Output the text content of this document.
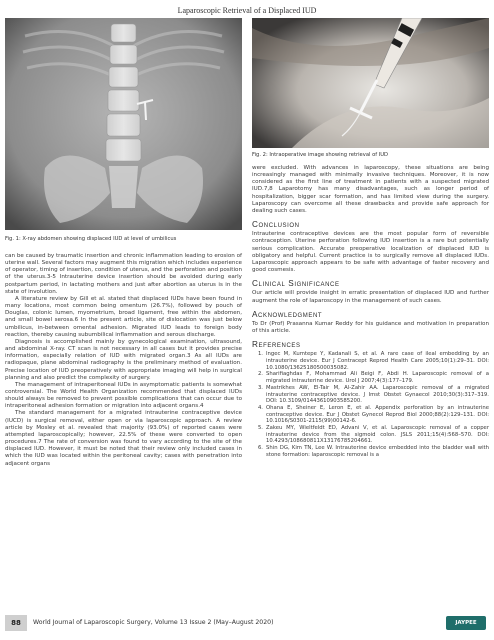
Laparoscopic Retrieval of a Displaced IUD
Fig. 1: X-ray abdomen showing displaced IUD at level of umbilicus
Fig. 2: Intraoperative image showing retrieval of IUD

can be caused by traumatic insertion and chronic inflammation leading to erosion of uterine wall. Several factors may augment this migration which includes experience of operator, timing of insertion, condition of uterus, and the perforation and position of the uterus.3-5 Intrauterine device insertion should be avoided during early postpartum period, in lactating mothers and just after abortion as uterus is in the state of involution.

A literature review by Gill et al. stated that displaced IUDs have been found in many locations, most common being omentum (26.7%), followed by pouch of Douglas, colonic lumen, myometrium, broad ligament, free within the abdomen, and small bowel serosa.6 In the present article, site of dislocation was just below umbilicus, in-between omental adhesion. Migrated IUD leads to foreign body reaction, thereby causing subumbilical inflammation and serous discharge.

Diagnosis is accomplished mainly by gynecological examination, ultrasound, and abdominal X-ray. CT scan is not necessary in all cases but it provides precise information, especially relation of IUD with migrated organ.3 As all IUDs are radiopaque, plane abdominal radiography is the preliminary method of evaluation. Precise location of IUD preoperatively with appropriate imaging will help in surgical planning and also predict the complexity of surgery.

The management of intraperitoneal IUDs in asymptomatic patients is somewhat controversial. The World Health Organization recommended that displaced IUDs should always be removed to prevent possible complications that can occur due to intraperitoneal adhesion formation or migration into adjacent organs.4

The standard management for a migrated intrauterine contraceptive device (IUCD) is surgical removal, either open or via laparoscopic approach. A review article by Mosley et al. revealed that majority (93.0%) of reported cases were attempted laparoscopically; however, 22.5% of these were converted to open procedures.7 The rate of conversion was found to vary according to the site of the displaced IUD. However, it must be noted that their review only included cases in which the IUD was located within the peritoneal cavity; cases with penetration into adjacent organs

were excluded. With advances in laparoscopy, these situations are being increasingly managed with minimally invasive techniques. Moreover, it is now considered as the first line of treatment in patients with a suspected migrated IUD.7,8 Laparotomy has many disadvantages, such as longer period of hospitalization, bigger scar formation, and has limited view during the surgery. Laparoscopy can overcome all these drawbacks and provide safe approach for dealing such cases.

Conclusion

Intrauterine contraceptive devices are the most popular form of reversible contraception. Uterine perforation following IUD insertion is a rare but potentially serious complication. Accurate preoperative localization of displaced IUD is obligatory and helpful. Current practice is to surgically remove all displaced IUDs. Laparoscopic approach appears to be safe with advantage of faster recovery and good cosmesis.

Clinical Significance

Our article will provide insight in erratic presentation of displaced IUD and further augment the role of laparoscopy in the management of such cases.

Acknowledgment

To Dr (Prof) Prasanna Kumar Reddy for his guidance and motivation in preparation of this article.

References
1. Ingec M, Kumtepe Y, Kadanali S, et al. A rare case of ileal embedding by an intrauterine device. Eur J Contracept Reprod Health Care 2005;10(1):29–31. DOI: 10.1080/13625180500035082.
2. Sharifiaghdas F, Mohammad Ali Beigi F, Abdi H. Laparoscopic removal of a migrated intrauterine device. Urol J 2007;4(3):177–179.
3. Mastrikhes AW, El-Tair M, Al-Zahir AA. Laparoscopic removal of a migrated intrauterine contraceptive device. J Imst Obstet Gynaecol 2010;30(3):317–319. DOI: 10.3109/01443610903585200.
4. Ohana E, Sheiner E, Leron E, et al. Appendix perforation by an intrauterine contraceptive device. Eur J Obstet Gynecol Reprod Biol 2000;88(2):129–131. DOI: 10.1016/S0301-2115(99)00142-6.
5. Zakeu MY, Wieltfeldt ED, Advani V, et al. Laparoscopic removal of a copper intrauterine device from the sigmoid colon. JSLS 2011;15(4):568–570. DOI: 10.4293/108680811X13176785204661.
6. Shin DG, Kim TN, Lee W. Intrauterine device embedded into the bladder wall with stone formation: laparoscopic removal is a
88	World Journal of Laparoscopic Surgery, Volume 13 Issue 2 (May–August 2020)	JAYPEE
